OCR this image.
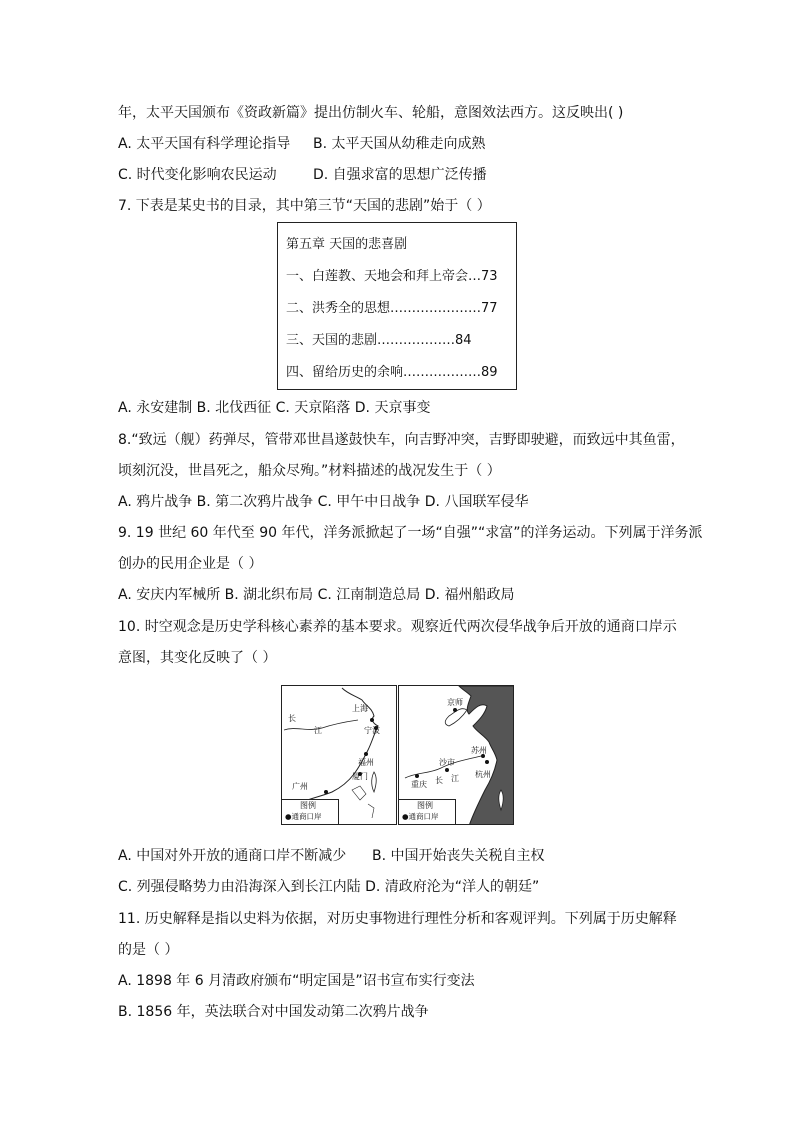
年，太平天国颁布《资政新篇》提出仿制火车、轮船，意图效法西方。这反映出( )
A. 太平天国有科学理论指导 B. 太平天国从幼稚走向成熟
C. 时代变化影响农民运动	D. 自强求富的思想广泛传播
7. 下表是某史书的目录，其中第三节“天国的悲剧”始于（ ）
第五章 天国的悲喜剧
一、白莲教、天地会和拜上帝会…73
二、洪秀全的思想…………………77
三、天国的悲剧………………84
四、留给历史的余响………………89
A. 永安建制 B. 北伐西征 C. 天京陷落 D. 天京事变
8.“致远（舰）药弹尽，管带邓世昌遂鼓快车，向吉野冲突，吉野即驶避，而致远中其鱼雷，
顷刻沉没，世昌死之，船众尽殉。”材料描述的战况发生于（ ）
A. 鸦片战争 B. 第二次鸦片战争 C. 甲午中日战争 D. 八国联军侵华
9. 19 世纪 60 年代至 90 年代，洋务派掀起了一场“自强”“求富”的洋务运动。下列属于洋务派
创办的民用企业是（ ）
A. 安庆内军械所 B. 湖北织布局 C. 江南制造总局 D. 福州船政局
10. 时空观念是历史学科核心素养的基本要求。观察近代两次侵华战争后开放的通商口岸示
意图，其变化反映了（ ）
长
江
上海
宁波
福州
厦门
广州
图例
●通商口岸
京师
苏州
沙市
杭州
重庆 长 江
图例
●通商口岸
A. 中国对外开放的通商口岸不断减少 B. 中国开始丧失关税自主权
C. 列强侵略势力由沿海深入到长江内陆 D. 清政府沦为“洋人的朝廷”
11. 历史解释是指以史料为依据，对历史事物进行理性分析和客观评判。下列属于历史解释
的是（ ）
A. 1898 年 6 月清政府颁布“明定国是”诏书宣布实行变法
B. 1856 年，英法联合对中国发动第二次鸦片战争
